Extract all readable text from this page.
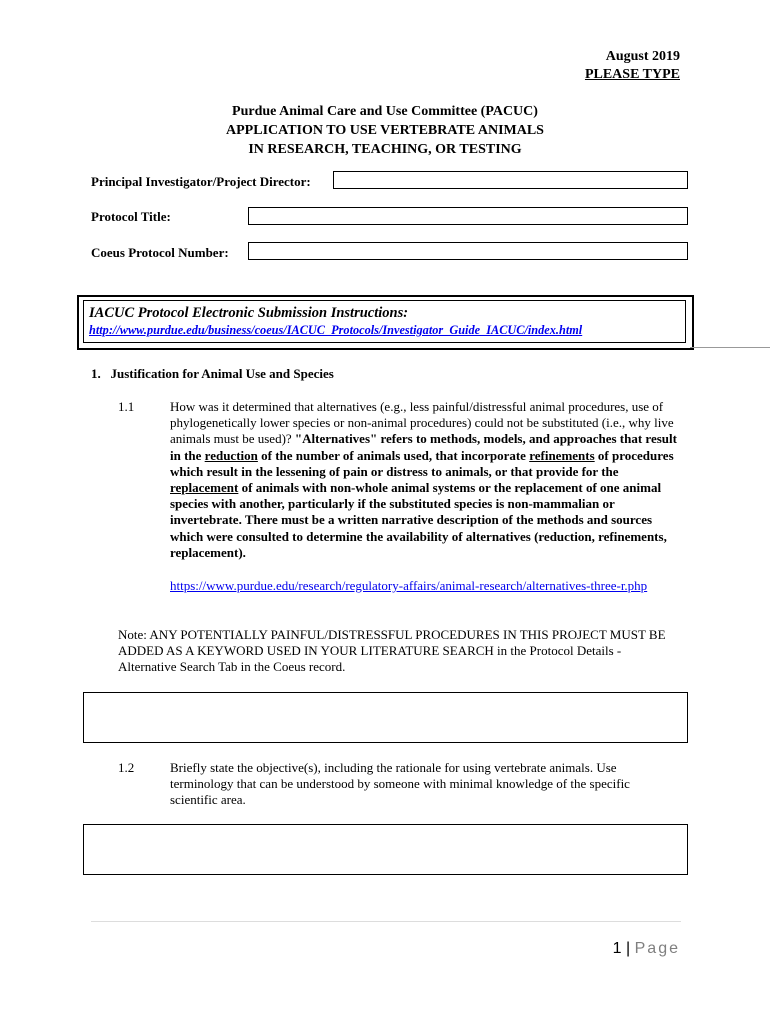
August 2019
PLEASE TYPE
Purdue Animal Care and Use Committee (PACUC)
APPLICATION TO USE VERTEBRATE ANIMALS
IN RESEARCH, TEACHING, OR TESTING
Principal Investigator/Project Director:
Protocol Title:
Coeus Protocol Number:
IACUC Protocol Electronic Submission Instructions:
http://www.purdue.edu/business/coeus/IACUC_Protocols/Investigator_Guide_IACUC/index.html
1.   Justification for Animal Use and Species
1.1	How was it determined that alternatives (e.g., less painful/distressful animal procedures, use of phylogenetically lower species or non-animal procedures) could not be substituted (i.e., why live animals must be used)? "Alternatives" refers to methods, models, and approaches that result in the reduction of the number of animals used, that incorporate refinements of procedures which result in the lessening of pain or distress to animals, or that provide for the replacement of animals with non-whole animal systems or the replacement of one animal species with another, particularly if the substituted species is non-mammalian or invertebrate. There must be a written narrative description of the methods and sources which were consulted to determine the availability of alternatives (reduction, refinements, replacement).
https://www.purdue.edu/research/regulatory-affairs/animal-research/alternatives-three-r.php
Note: ANY POTENTIALLY PAINFUL/DISTRESSFUL PROCEDURES IN THIS PROJECT MUST BE ADDED AS A KEYWORD USED IN YOUR LITERATURE SEARCH in the Protocol Details - Alternative Search Tab in the Coeus record.
1.2	Briefly state the objective(s), including the rationale for using vertebrate animals. Use terminology that can be understood by someone with minimal knowledge of the specific scientific area.
1 | Page
